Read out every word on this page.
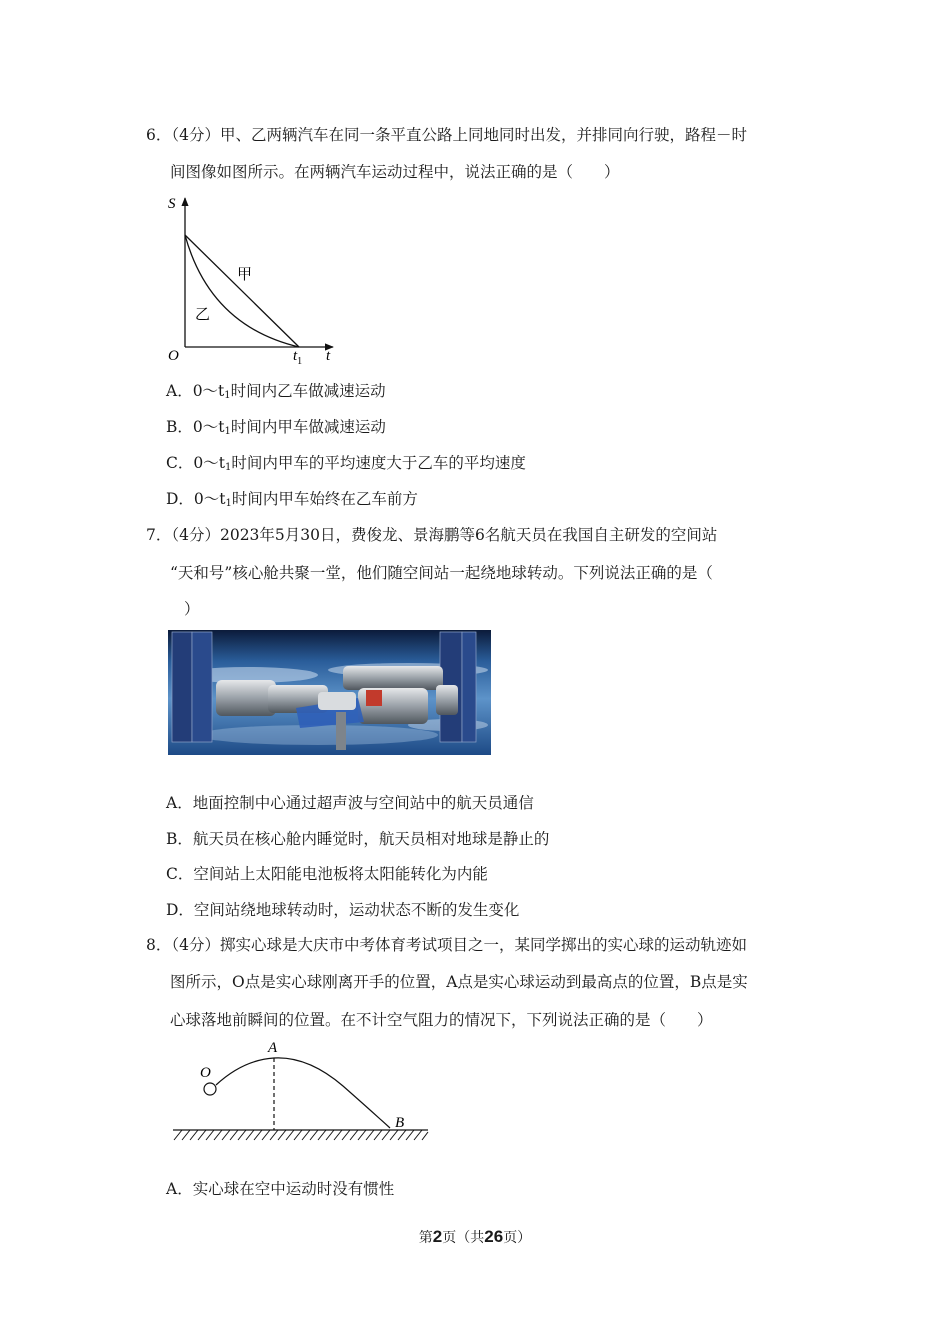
6．（4分）甲、乙两辆汽车在同一条平直公路上同地同时出发，并排同向行驶，路程－时
间图像如图所示。在两辆汽车运动过程中，说法正确的是（　　）
S
O	t
$t_1$
甲
乙
A．$0\sim t_1$时间内乙车做减速运动
B．$0\sim t_1$时间内甲车做减速运动
C．$0\sim t_1$时间内甲车的平均速度大于乙车的平均速度
D．$0\sim t_1$时间内甲车始终在乙车前方
7．（4分）2023年5月30日，费俊龙、景海鹏等6名航天员在我国自主研发的空间站
“天和号”核心舱共聚一堂，他们随空间站一起绕地球转动。下列说法正确的是（
）
A．地面控制中心通过超声波与空间站中的航天员通信
B．航天员在核心舱内睡觉时，航天员相对地球是静止的
C．空间站上太阳能电池板将太阳能转化为内能
D．空间站绕地球转动时，运动状态不断的发生变化
8．（4分）掷实心球是大庆市中考体育考试项目之一，某同学掷出的实心球的运动轨迹如
图所示，O点是实心球刚离开手的位置，A点是实心球运动到最高点的位置，B点是实
心球落地前瞬间的位置。在不计空气阻力的情况下，下列说法正确的是（　　）
O
A
B
A．实心球在空中运动时没有惯性
第2页（共26页）
